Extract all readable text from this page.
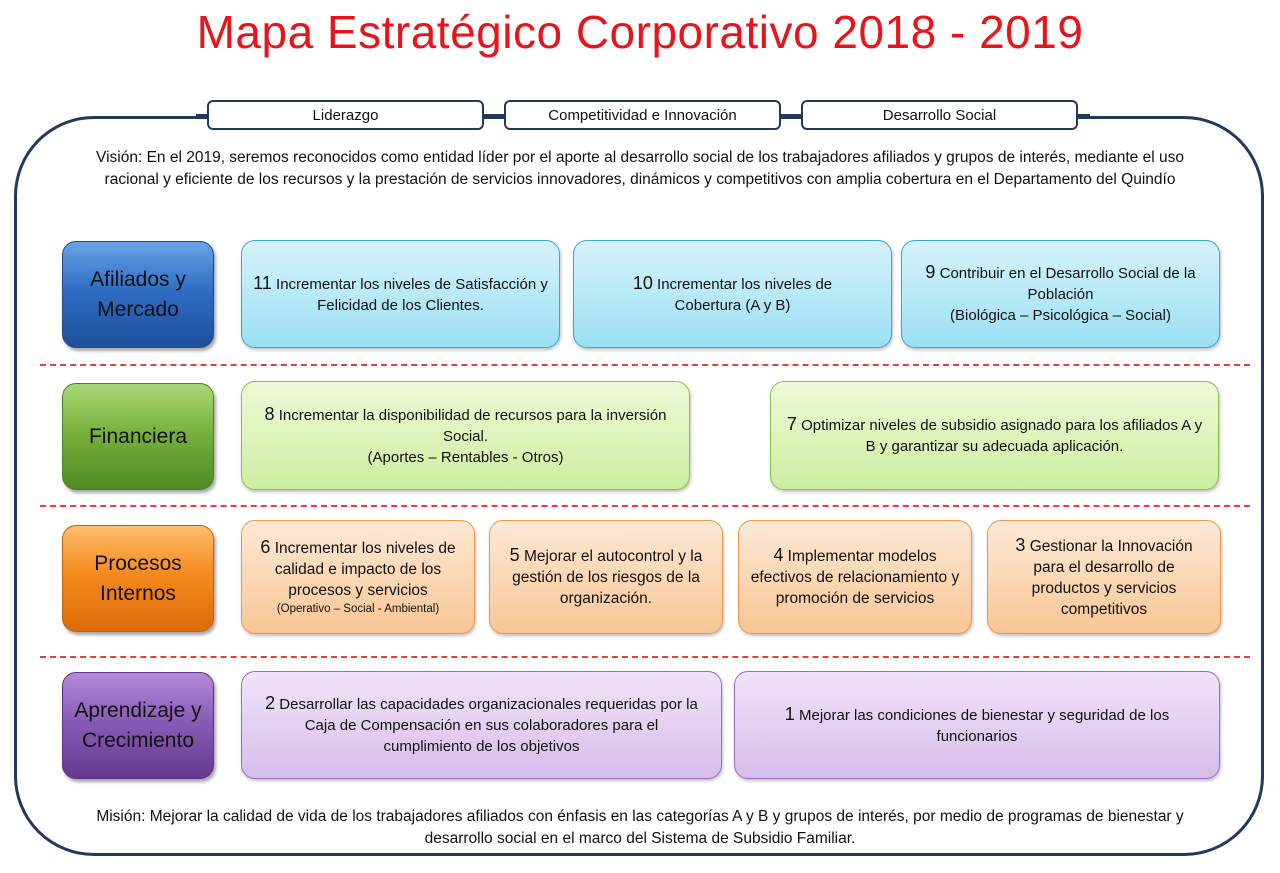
Mapa Estratégico Corporativo 2018 - 2019
Liderazgo	Competitividad e Innovación	Desarrollo Social
Visión: En el 2019, seremos reconocidos como entidad líder por el aporte al desarrollo social de los trabajadores afiliados y grupos de interés, mediante el uso racional y eficiente de los recursos y la prestación de servicios innovadores, dinámicos y competitivos con amplia cobertura en el Departamento del Quindío
Afiliados y
Mercado
11 Incrementar los niveles de Satisfacción y Felicidad de los Clientes.
10 Incrementar los niveles de Cobertura (A y B)
9 Contribuir en el Desarrollo Social de la Población
(Biológica – Psicológica – Social)
Financiera
8 Incrementar la disponibilidad de recursos para la inversión Social.
(Aportes – Rentables - Otros)
7 Optimizar niveles de subsidio asignado para los afiliados A y B y garantizar su adecuada aplicación.
Procesos
Internos
6 Incrementar los niveles de calidad e impacto de los procesos y servicios
(Operativo – Social - Ambiental)
5 Mejorar el autocontrol y la gestión de los riesgos de la organización.
4 Implementar modelos efectivos de relacionamiento y promoción de servicios
3 Gestionar la Innovación para el desarrollo de productos y servicios competitivos
Aprendizaje y
Crecimiento
2 Desarrollar las capacidades organizacionales requeridas por la Caja de Compensación en sus colaboradores para el cumplimiento de los objetivos
1 Mejorar las condiciones de bienestar y seguridad de los funcionarios
Misión: Mejorar la calidad de vida de los trabajadores afiliados con énfasis en las categorías A y B y grupos de interés, por medio de programas de bienestar y desarrollo social en el marco del Sistema de Subsidio Familiar.
